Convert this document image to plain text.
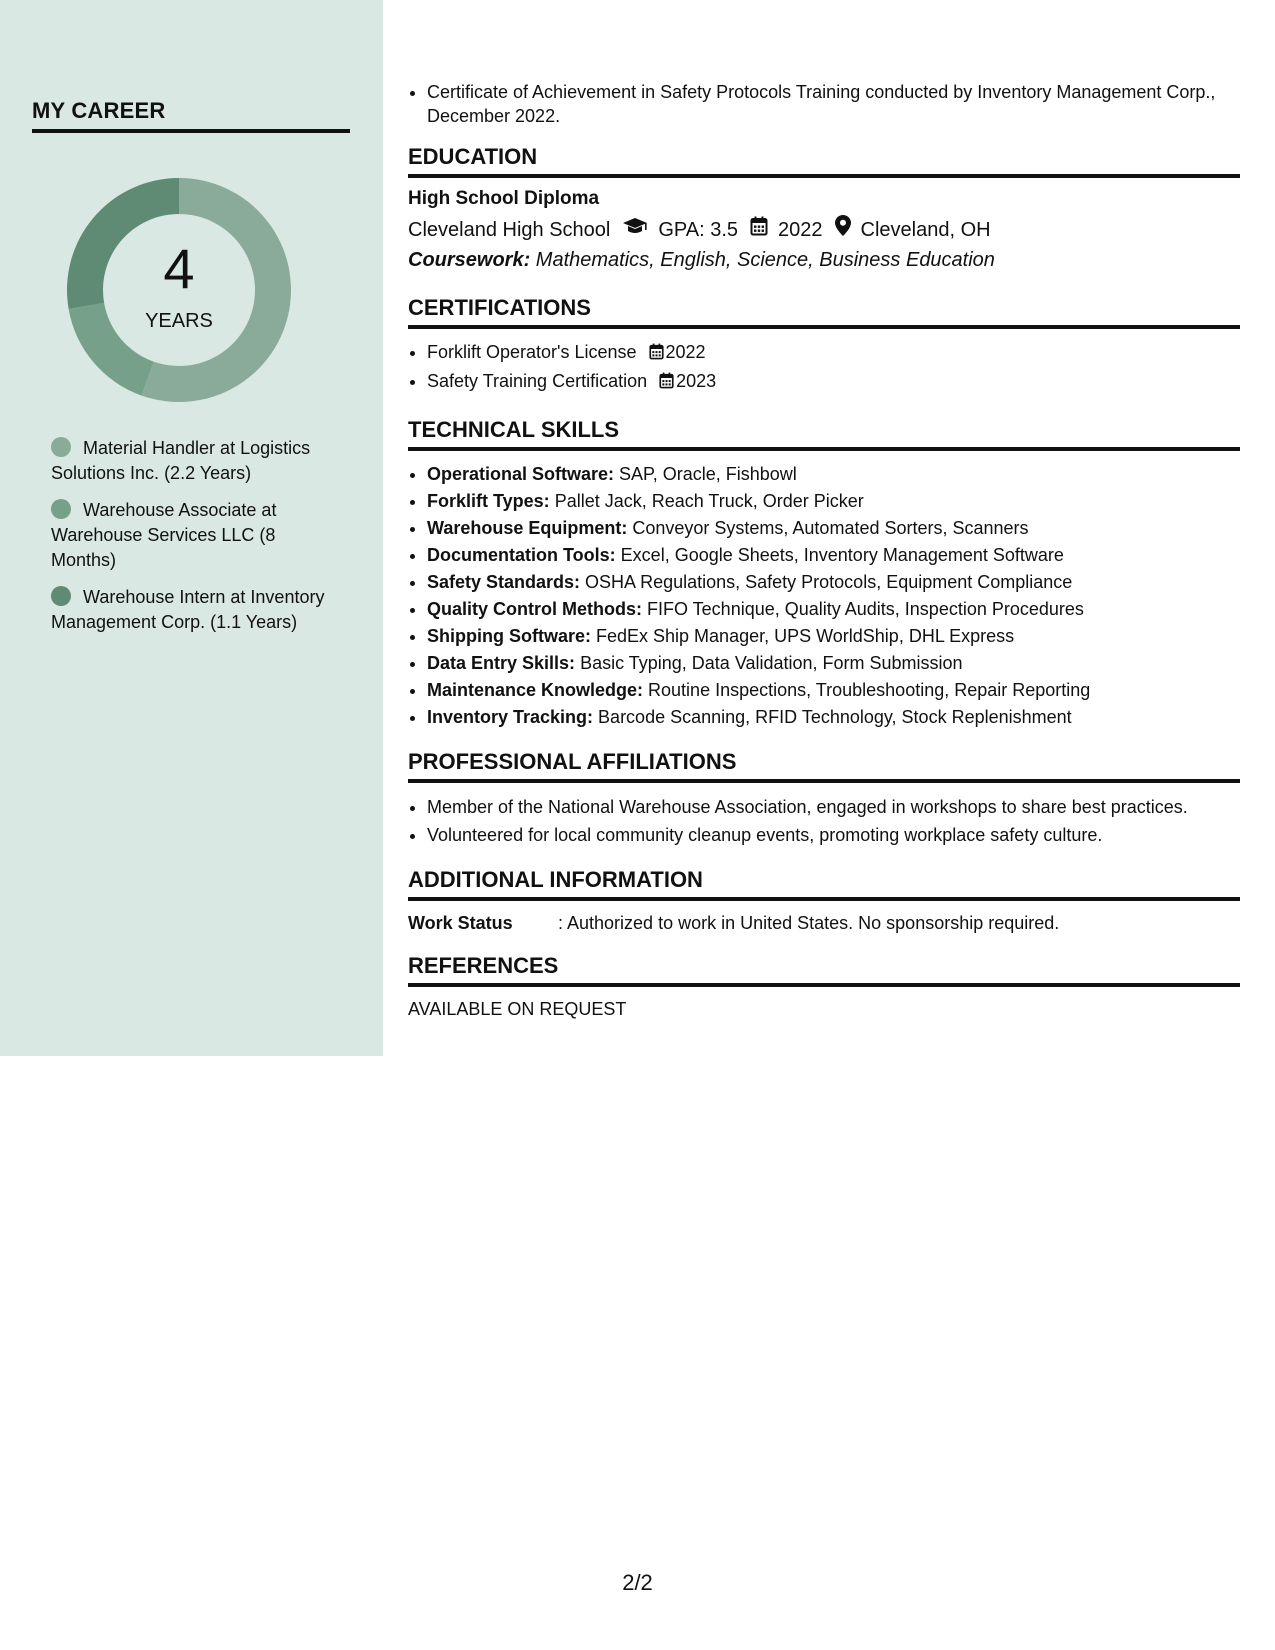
MY CAREER
4
YEARS
Material Handler at Logistics Solutions Inc. (2.2 Years)
Warehouse Associate at Warehouse Services LLC (8 Months)
Warehouse Intern at Inventory Management Corp. (1.1 Years)
• Certificate of Achievement in Safety Protocols Training conducted by Inventory Management Corp., December 2022.
EDUCATION
High School Diploma
Cleveland High School GPA: 3.5 2022 Cleveland, OH
Coursework: Mathematics, English, Science, Business Education
CERTIFICATIONS
• Forklift Operator's License 2022
• Safety Training Certification 2023
TECHNICAL SKILLS
• Operational Software: SAP, Oracle, Fishbowl
• Forklift Types: Pallet Jack, Reach Truck, Order Picker
• Warehouse Equipment: Conveyor Systems, Automated Sorters, Scanners
• Documentation Tools: Excel, Google Sheets, Inventory Management Software
• Safety Standards: OSHA Regulations, Safety Protocols, Equipment Compliance
• Quality Control Methods: FIFO Technique, Quality Audits, Inspection Procedures
• Shipping Software: FedEx Ship Manager, UPS WorldShip, DHL Express
• Data Entry Skills: Basic Typing, Data Validation, Form Submission
• Maintenance Knowledge: Routine Inspections, Troubleshooting, Repair Reporting
• Inventory Tracking: Barcode Scanning, RFID Technology, Stock Replenishment
PROFESSIONAL AFFILIATIONS
• Member of the National Warehouse Association, engaged in workshops to share best practices.
• Volunteered for local community cleanup events, promoting workplace safety culture.
ADDITIONAL INFORMATION
Work Status	: Authorized to work in United States. No sponsorship required.
REFERENCES
AVAILABLE ON REQUEST
2/2
